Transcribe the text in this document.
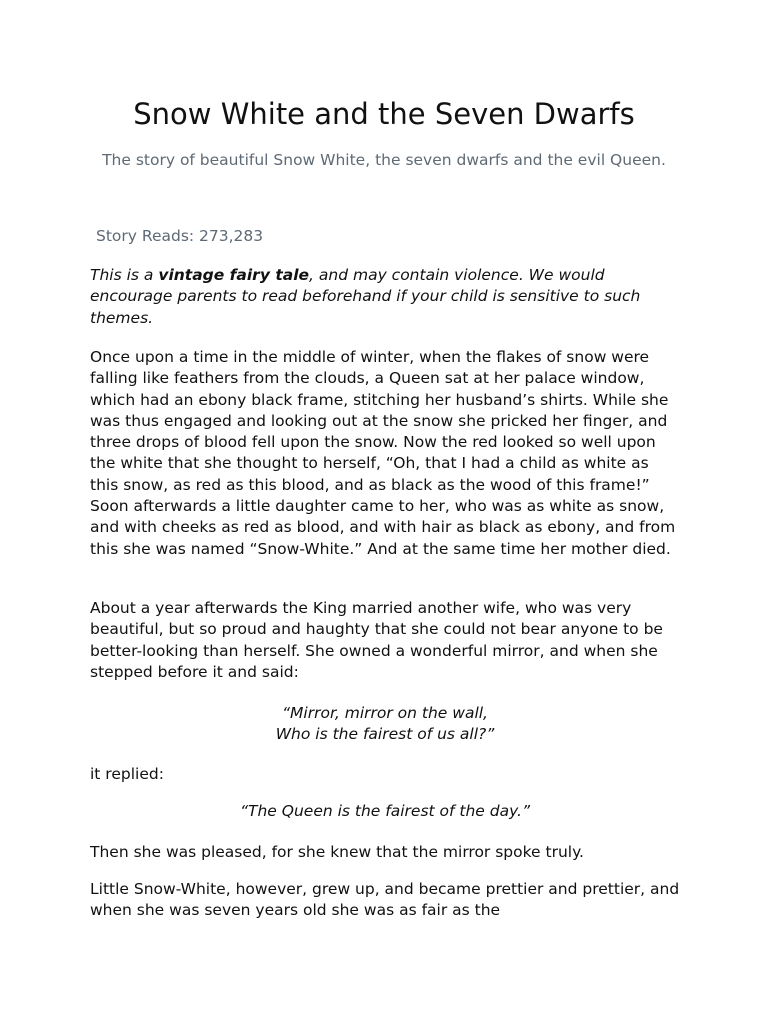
Snow White and the Seven Dwarfs

The story of beautiful Snow White, the seven dwarfs and the evil Queen.

Story Reads: 273,283

This is a vintage fairy tale, and may contain violence. We would encourage parents to read beforehand if your child is sensitive to such themes.

Once upon a time in the middle of winter, when the flakes of snow were falling like feathers from the clouds, a Queen sat at her palace window, which had an ebony black frame, stitching her husband’s shirts. While she was thus engaged and looking out at the snow she pricked her finger, and three drops of blood fell upon the snow. Now the red looked so well upon the white that she thought to herself, “Oh, that I had a child as white as this snow, as red as this blood, and as black as the wood of this frame!” Soon afterwards a little daughter came to her, who was as white as snow, and with cheeks as red as blood, and with hair as black as ebony, and from this she was named “Snow-White.” And at the same time her mother died.

About a year afterwards the King married another wife, who was very beautiful, but so proud and haughty that she could not bear anyone to be better-looking than herself. She owned a wonderful mirror, and when she stepped before it and said:

“Mirror, mirror on the wall,
Who is the fairest of us all?”

it replied:

“The Queen is the fairest of the day.”

Then she was pleased, for she knew that the mirror spoke truly.

Little Snow-White, however, grew up, and became prettier and prettier, and when she was seven years old she was as fair as the
